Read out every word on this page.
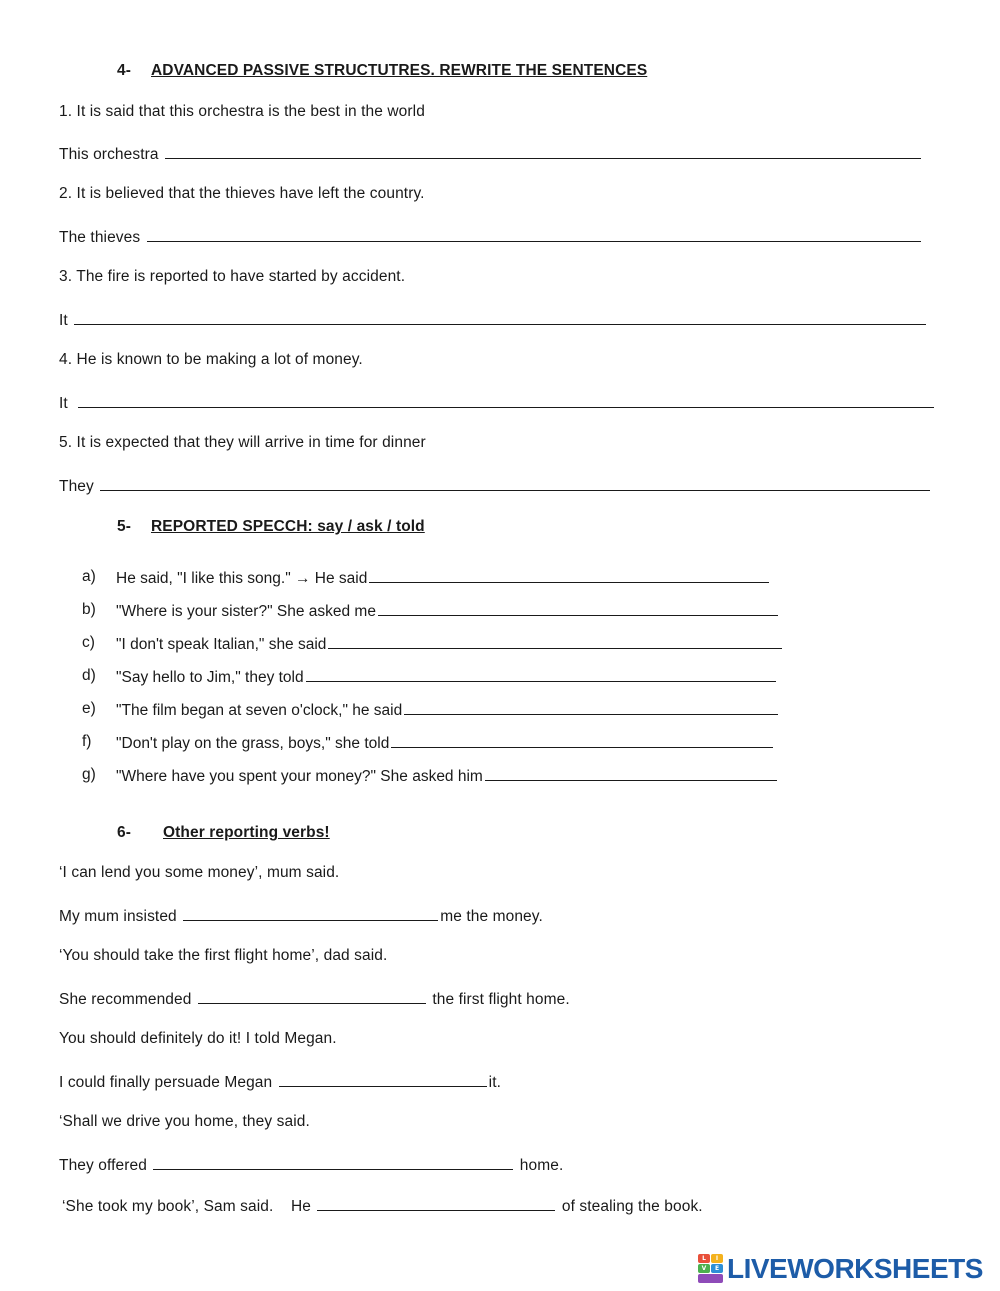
4- ADVANCED PASSIVE STRUCTUTRES. REWRITE THE SENTENCES
1. It is said that this orchestra is the best in the world
This orchestra
2. It is believed that the thieves have left the country.
The thieves
3. The fire is reported to have started by accident.
It
4. He is known to be making a lot of money.
It
5. It is expected that they will arrive in time for dinner
They
5- REPORTED SPECCH: say / ask / told
a) He said, "I like this song." → He said
b) "Where is your sister?" She asked me
c) "I don't speak Italian," she said
d) "Say hello to Jim," they told
e) "The film began at seven o'clock," he said
f) "Don't play on the grass, boys," she told
g) "Where have you spent your money?" She asked him
6- Other reporting verbs!
‘I can lend you some money’, mum said.
My mum insisted	me the money.
‘You should take the first flight home’, dad said.
She recommended	the first flight home.
You should definitely do it! I told Megan.
I could finally persuade Megan	it.
‘Shall we drive you home, they said.
They offered	home.
‘She took my book’, Sam said.    He	of stealing the book.
L	I
V	E LIVEWORKSHEETS
